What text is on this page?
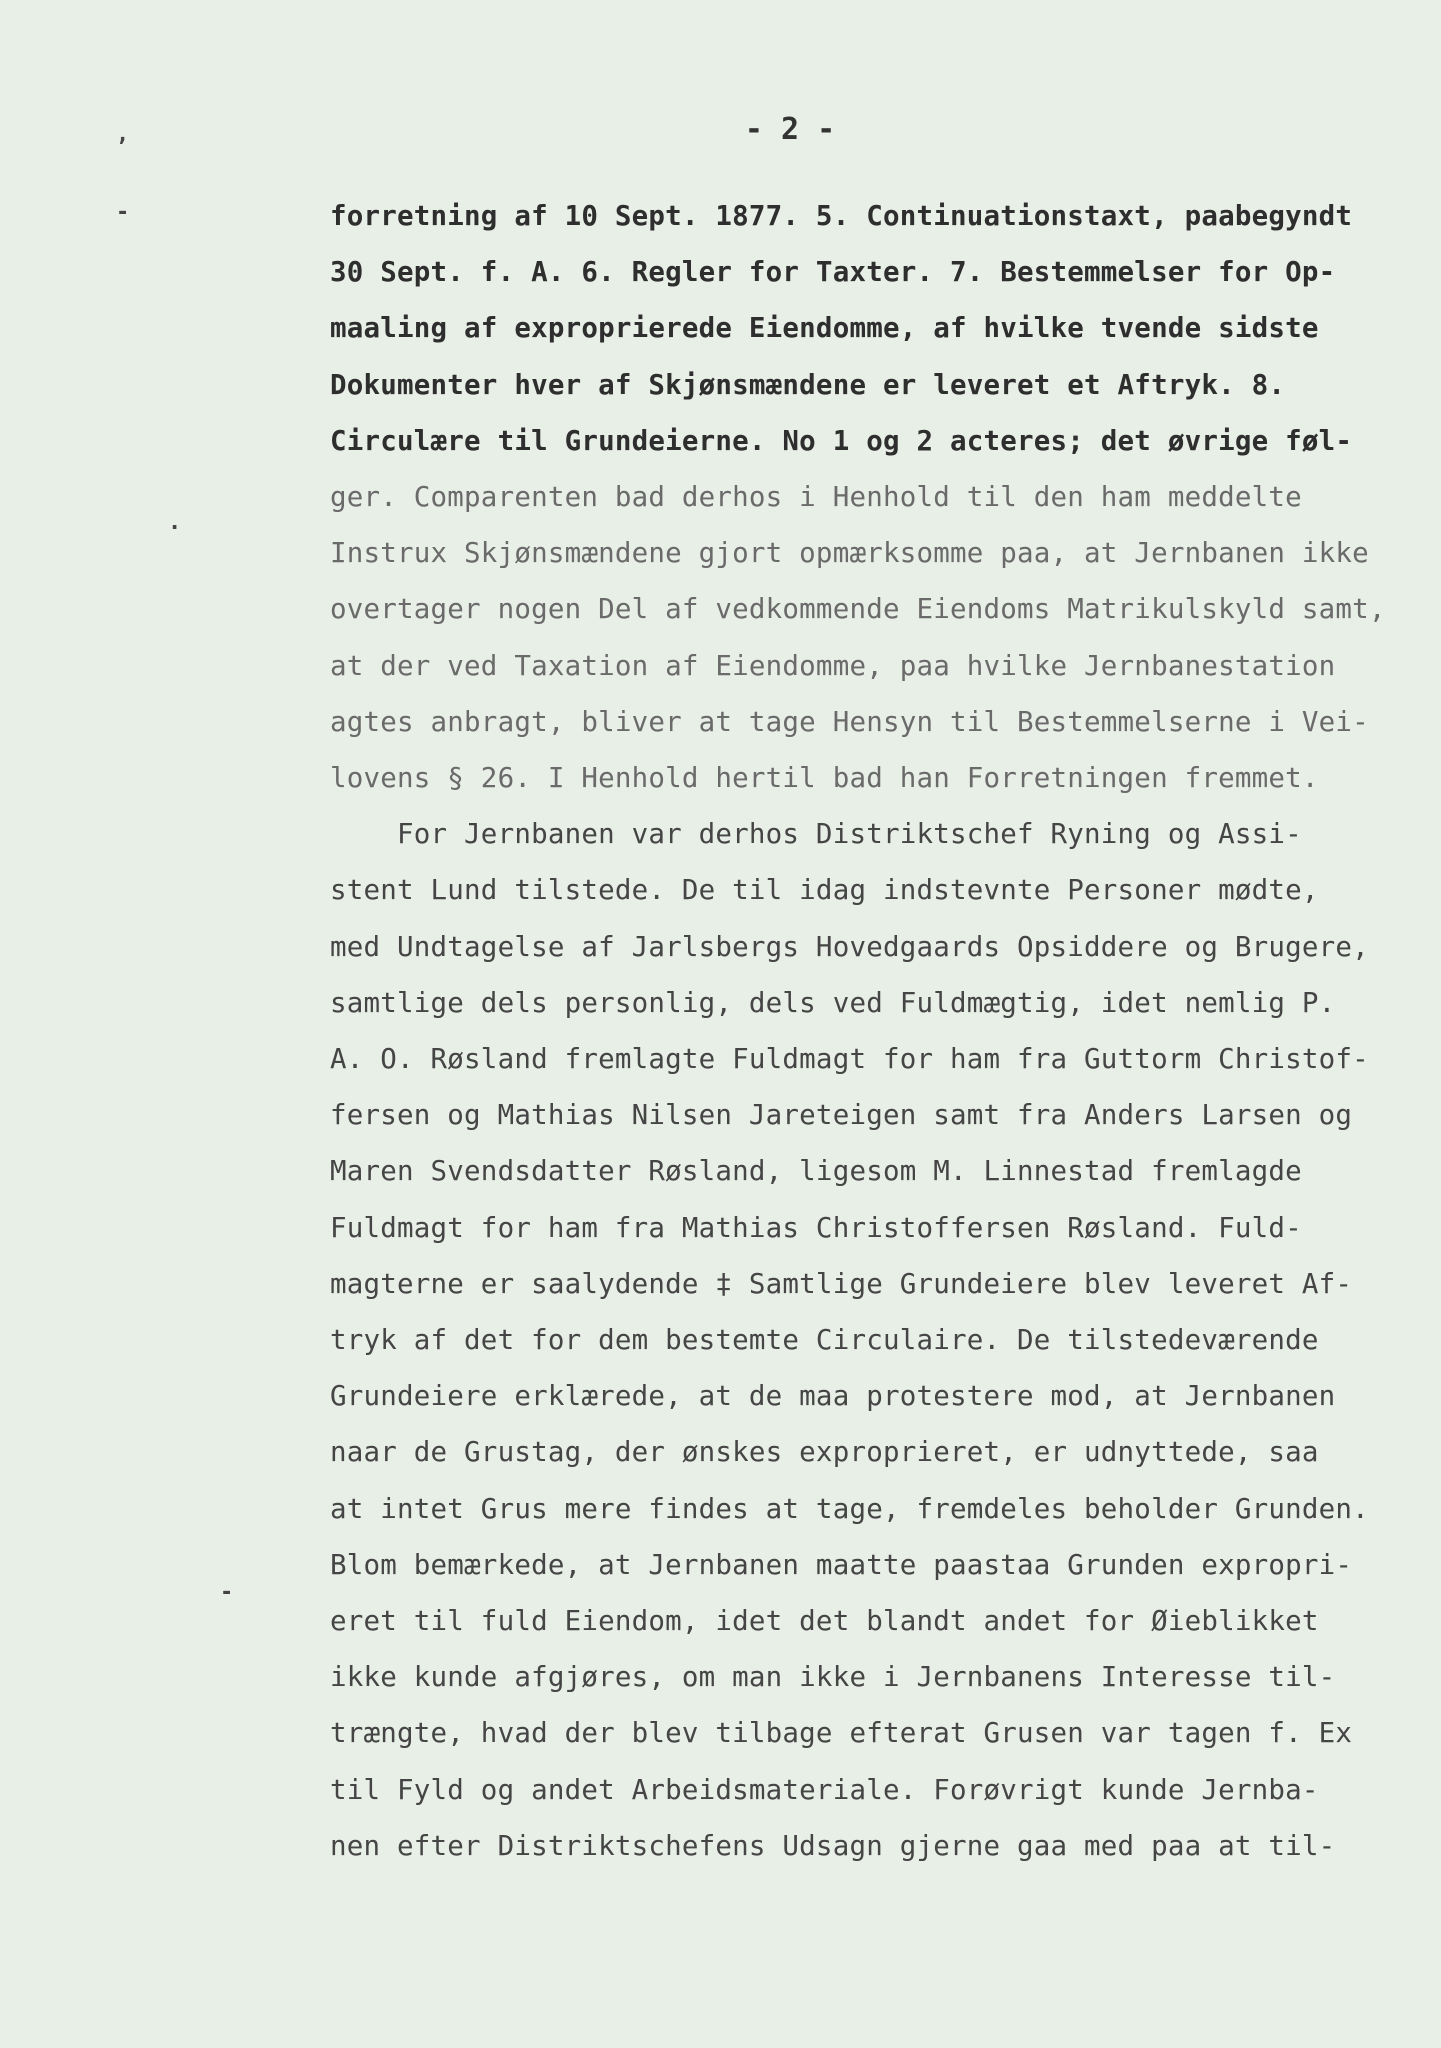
- 2 -
‚
-
.
-
forretning af 10 Sept. 1877. 5. Continuationstaxt, paabegyndt
30 Sept. f. A. 6. Regler for Taxter. 7. Bestemmelser for Op-
maaling af exproprierede Eiendomme, af hvilke tvende sidste
Dokumenter hver af Skjønsmændene er leveret et Aftryk. 8.
Circulære til Grundeierne. No 1 og 2 acteres; det øvrige føl-
ger. Comparenten bad derhos i Henhold til den ham meddelte
Instrux Skjønsmændene gjort opmærksomme paa, at Jernbanen ikke
overtager nogen Del af vedkommende Eiendoms Matrikulskyld samt,
at der ved Taxation af Eiendomme, paa hvilke Jernbanestation
agtes anbragt, bliver at tage Hensyn til Bestemmelserne i Vei-
lovens § 26. I Henhold hertil bad han Forretningen fremmet.
For Jernbanen var derhos Distriktschef Ryning og Assi-
stent Lund tilstede. De til idag indstevnte Personer mødte,
med Undtagelse af Jarlsbergs Hovedgaards Opsiddere og Brugere,
samtlige dels personlig, dels ved Fuldmægtig, idet nemlig P.
A. O. Røsland fremlagte Fuldmagt for ham fra Guttorm Christof-
fersen og Mathias Nilsen Jareteigen samt fra Anders Larsen og
Maren Svendsdatter Røsland, ligesom M. Linnestad fremlagde
Fuldmagt for ham fra Mathias Christoffersen Røsland. Fuld-
magterne er saalydende ‡ Samtlige Grundeiere blev leveret Af-
tryk af det for dem bestemte Circulaire. De tilstedeværende
Grundeiere erklærede, at de maa protestere mod, at Jernbanen
naar de Grustag, der ønskes exproprieret, er udnyttede, saa
at intet Grus mere findes at tage, fremdeles beholder Grunden.
Blom bemærkede, at Jernbanen maatte paastaa Grunden expropri-
eret til fuld Eiendom, idet det blandt andet for Øieblikket
ikke kunde afgjøres, om man ikke i Jernbanens Interesse til-
trængte, hvad der blev tilbage efterat Grusen var tagen f. Ex
til Fyld og andet Arbeidsmateriale. Forøvrigt kunde Jernba-
nen efter Distriktschefens Udsagn gjerne gaa med paa at til-
